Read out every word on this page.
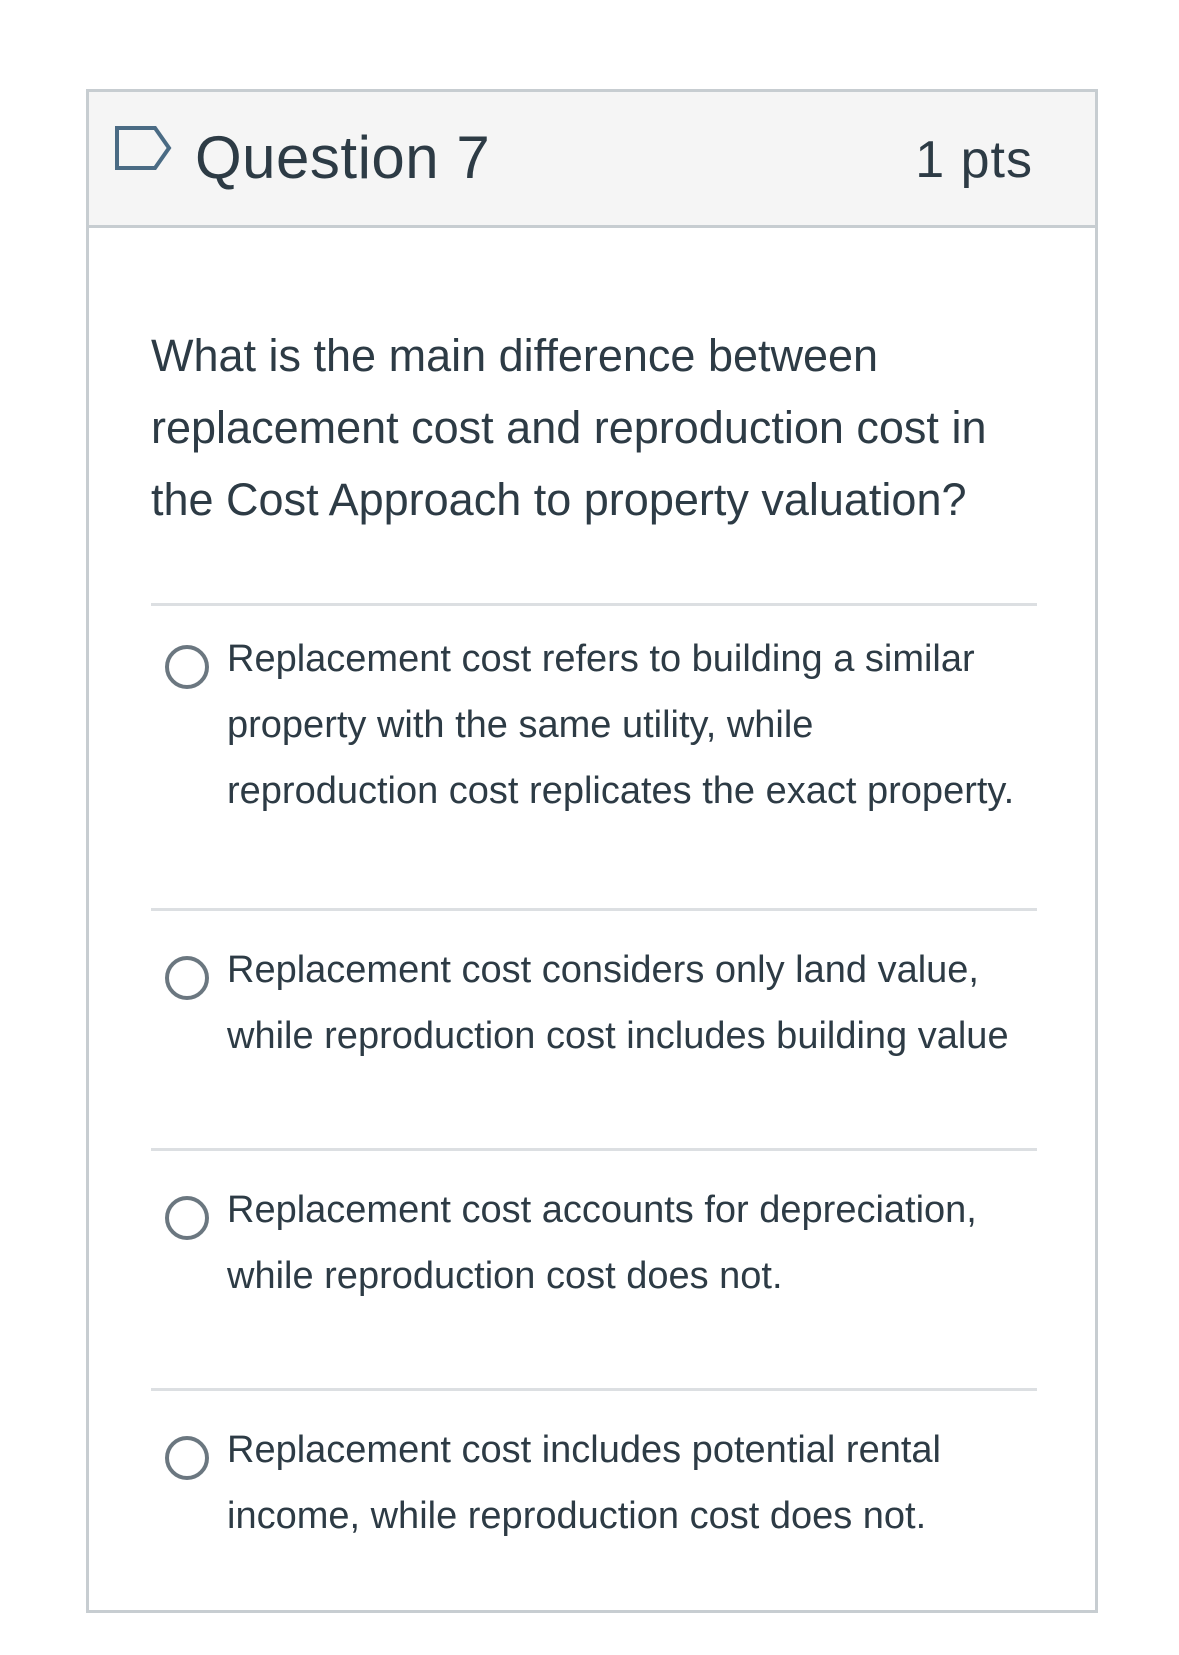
Question 7	1 pts
What is the main difference between replacement cost and reproduction cost in the Cost Approach to property valuation?
Replacement cost refers to building a similar property with the same utility, while reproduction cost replicates the exact property.
Replacement cost considers only land value, while reproduction cost includes building value
Replacement cost accounts for depreciation, while reproduction cost does not.
Replacement cost includes potential rental income, while reproduction cost does not.
